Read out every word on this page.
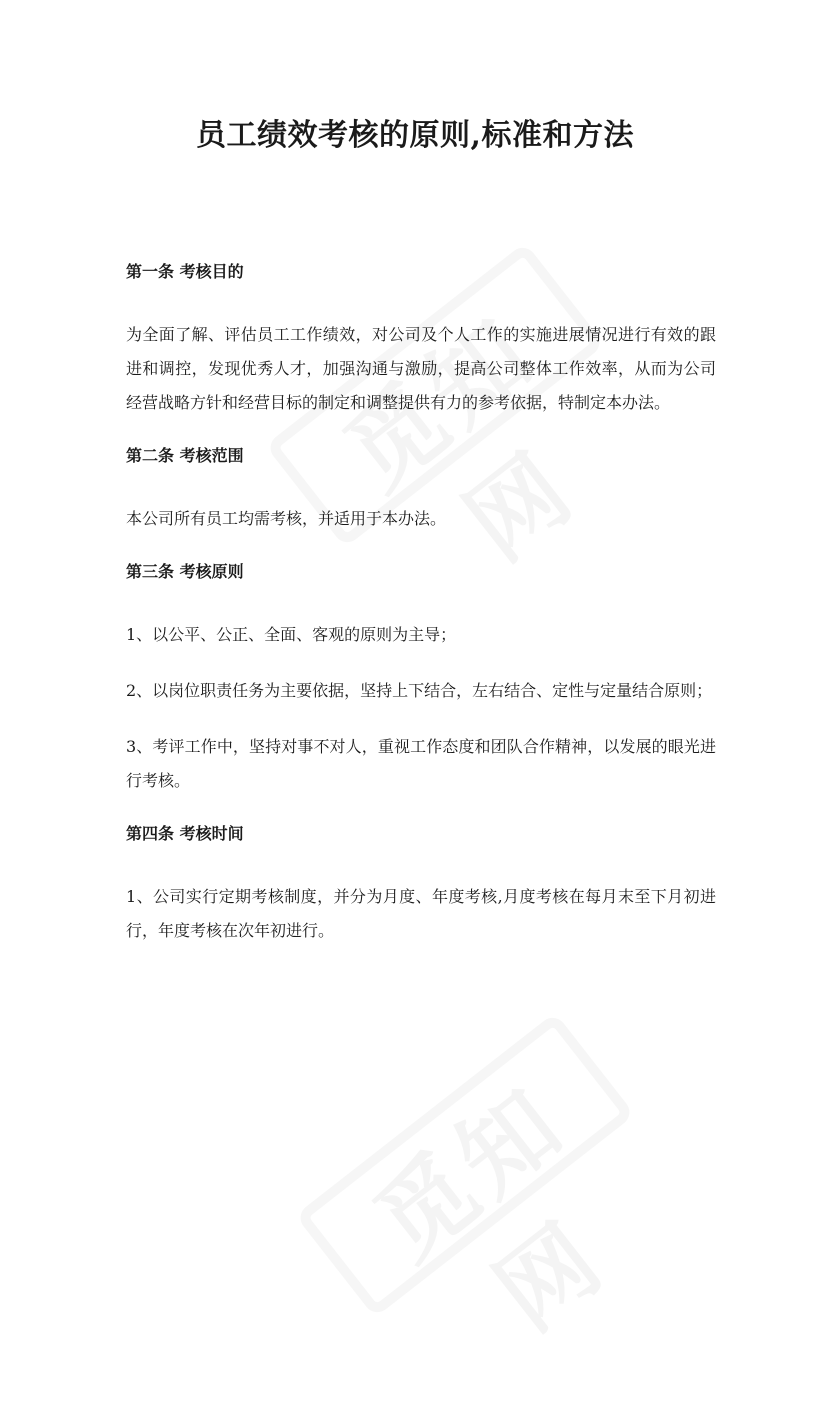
员工绩效考核的原则,标准和方法

第一条 考核目的

为全面了解、评估员工工作绩效，对公司及个人工作的实施进展情况进行有效的跟进和调控，发现优秀人才，加强沟通与激励，提高公司整体工作效率，从而为公司经营战略方针和经营目标的制定和调整提供有力的参考依据，特制定本办法。

第二条 考核范围

本公司所有员工均需考核，并适用于本办法。

第三条 考核原则

1、以公平、公正、全面、客观的原则为主导；

2、以岗位职责任务为主要依据，坚持上下结合，左右结合、定性与定量结合原则；

3、考评工作中，坚持对事不对人，重视工作态度和团队合作精神，以发展的眼光进行考核。

第四条 考核时间

1、公司实行定期考核制度，并分为月度、年度考核,月度考核在每月末至下月初进行，年度考核在次年初进行。
